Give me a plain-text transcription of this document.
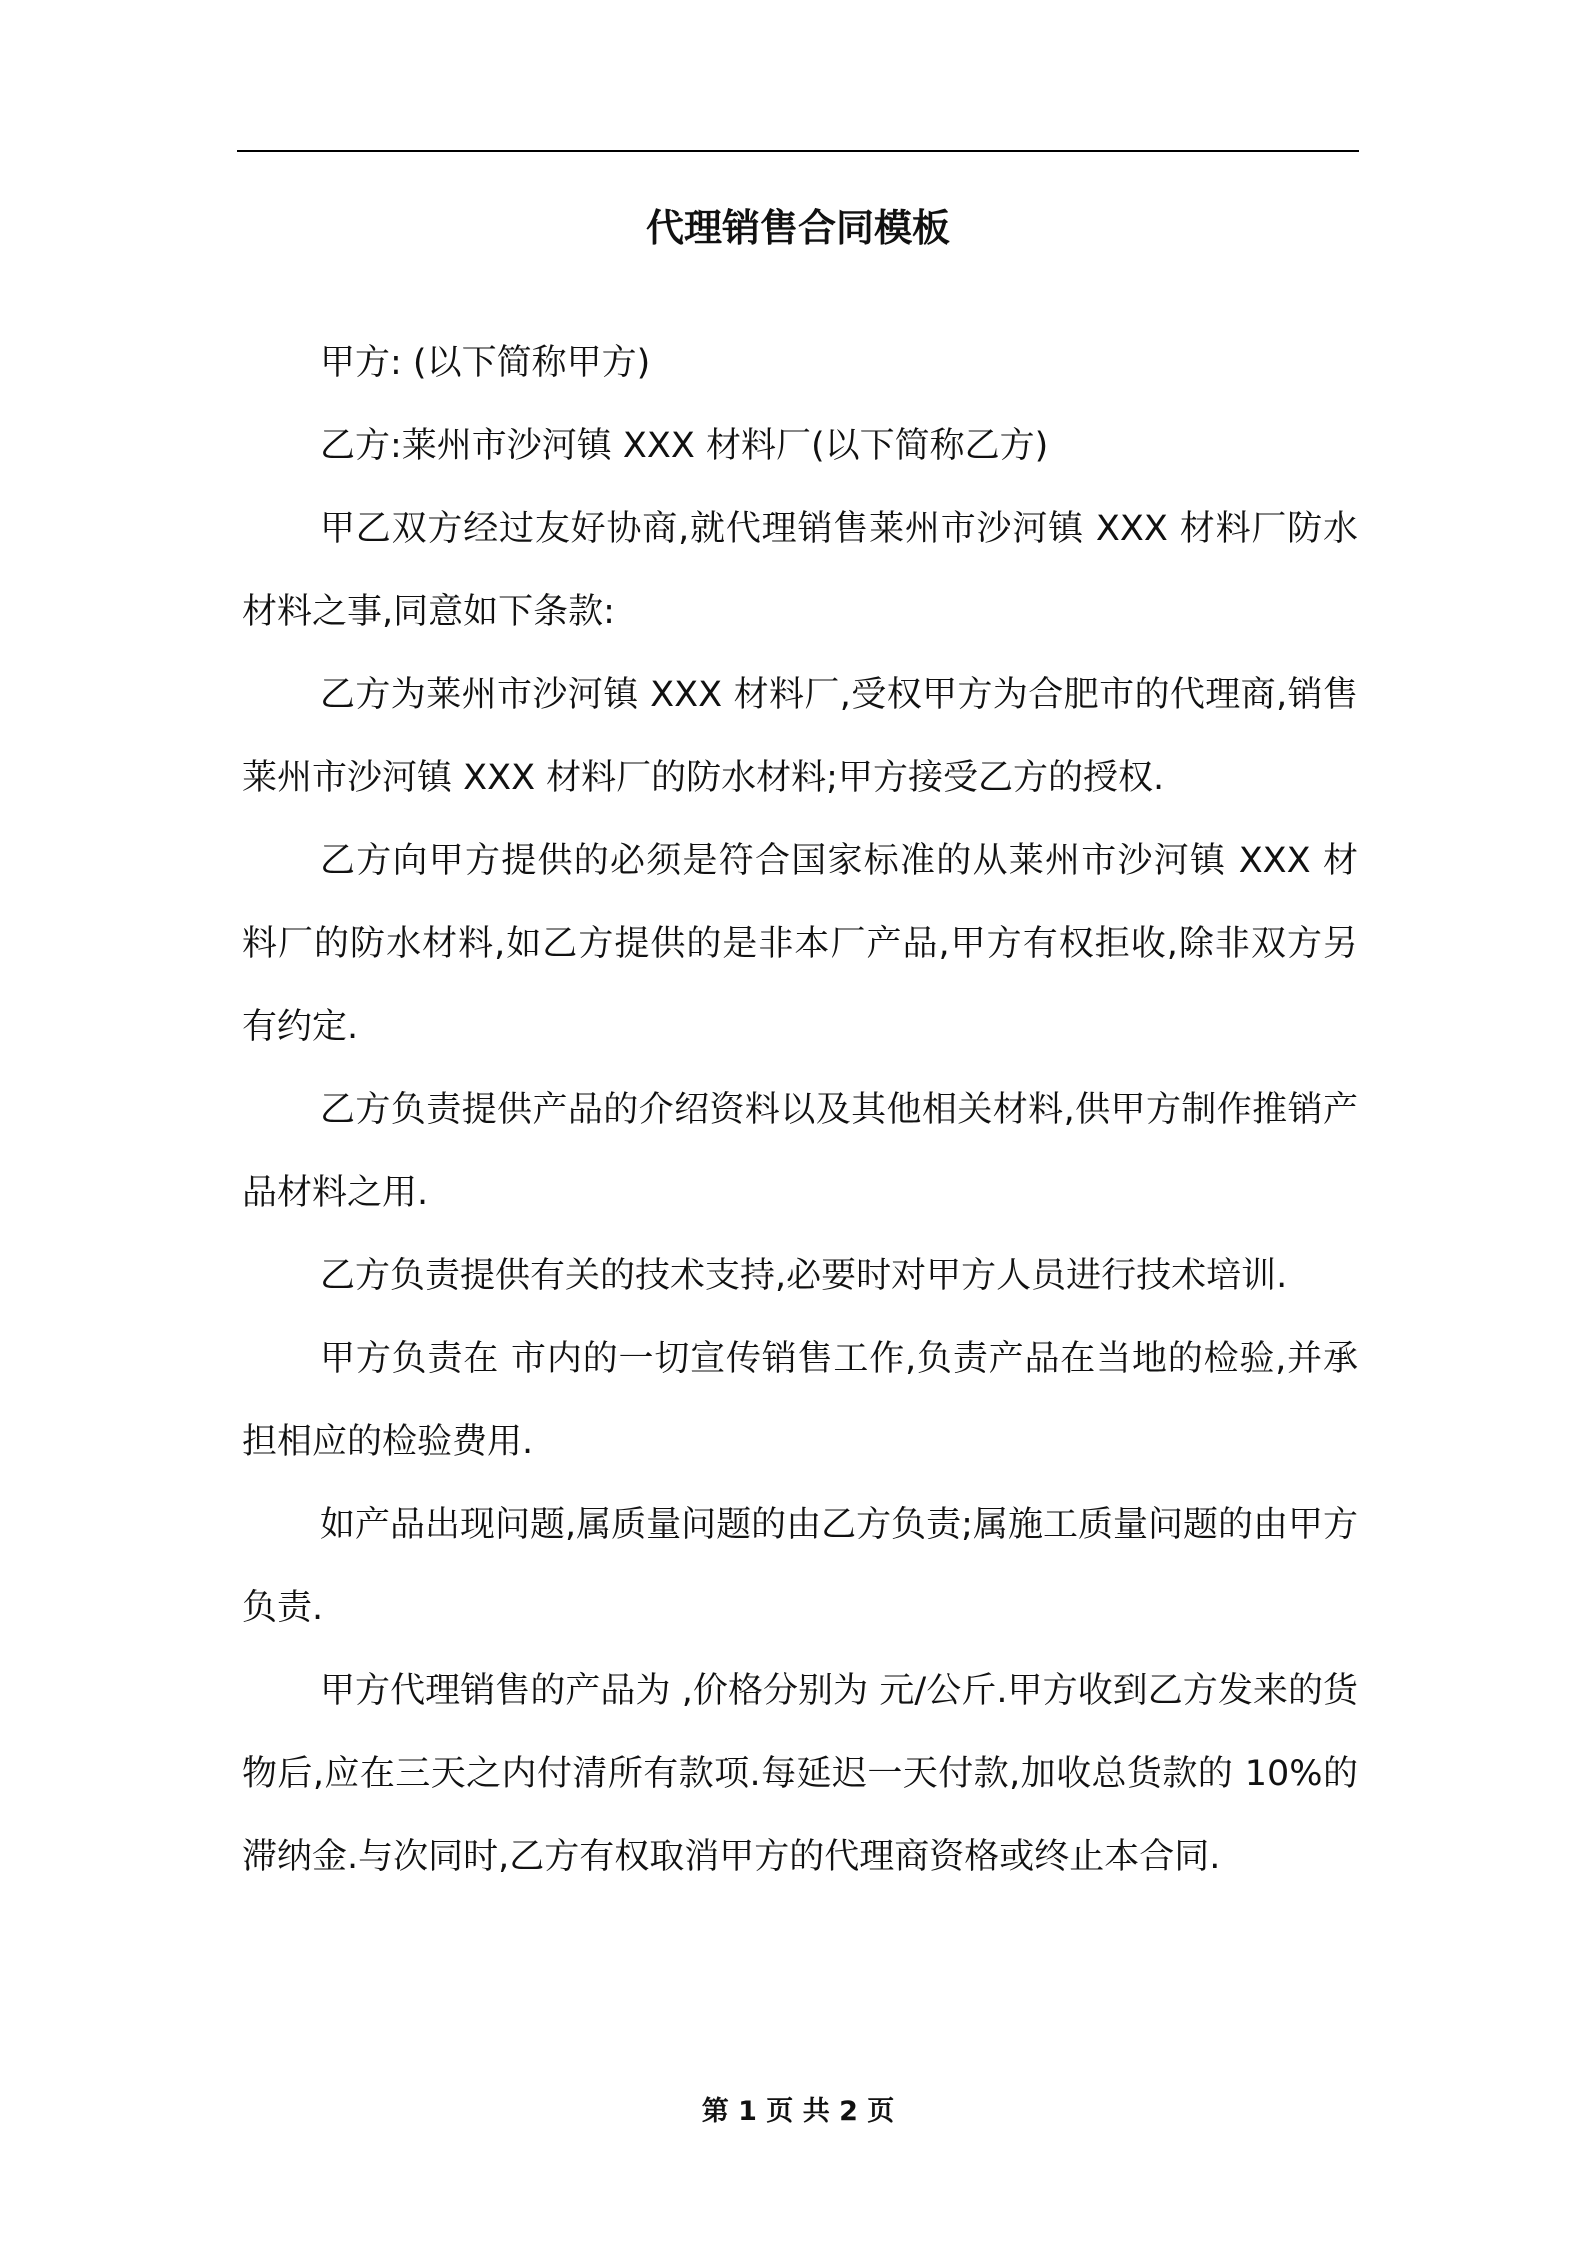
代理销售合同模板

甲方: (以下简称甲方)

乙方:莱州市沙河镇 XXX 材料厂(以下简称乙方)

甲乙双方经过友好协商,就代理销售莱州市沙河镇 XXX 材料厂防水材料之事,同意如下条款:

乙方为莱州市沙河镇 XXX 材料厂,受权甲方为合肥市的代理商,销售莱州市沙河镇 XXX 材料厂的防水材料;甲方接受乙方的授权.

乙方向甲方提供的必须是符合国家标准的从莱州市沙河镇 XXX 材料厂的防水材料,如乙方提供的是非本厂产品,甲方有权拒收,除非双方另有约定.

乙方负责提供产品的介绍资料以及其他相关材料,供甲方制作推销产品材料之用.

乙方负责提供有关的技术支持,必要时对甲方人员进行技术培训.

甲方负责在 市内的一切宣传销售工作,负责产品在当地的检验,并承担相应的检验费用.

如产品出现问题,属质量问题的由乙方负责;属施工质量问题的由甲方负责.

甲方代理销售的产品为 ,价格分别为 元/公斤.甲方收到乙方发来的货物后,应在三天之内付清所有款项.每延迟一天付款,加收总货款的 10%的滞纳金.与次同时,乙方有权取消甲方的代理商资格或终止本合同.

第 1 页 共 2 页
